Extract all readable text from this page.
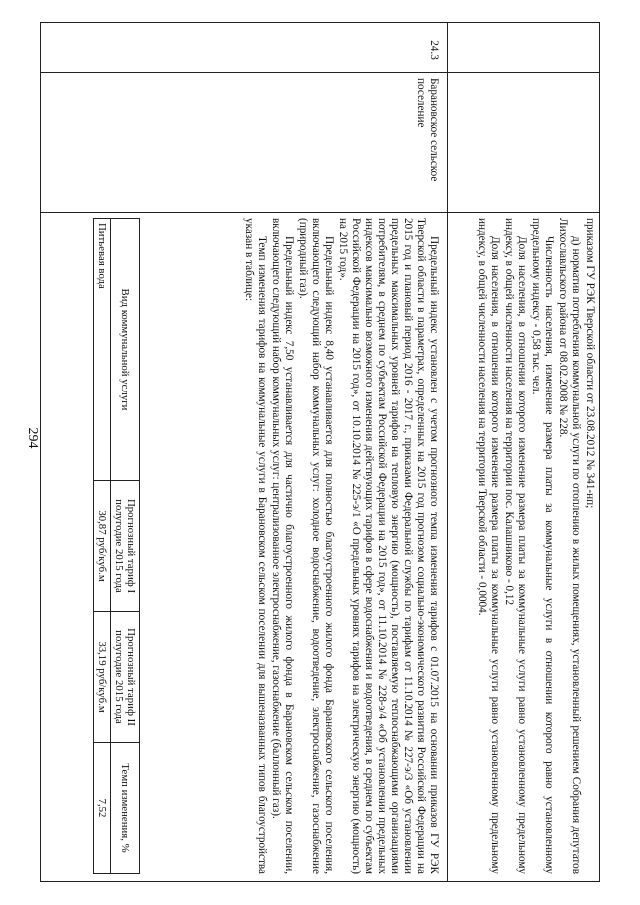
294	приказом ГУ РЭК Тверской области от 23.08.2012 № 341-нп;

д) норматив потребления коммунальной услуги по отоплению в жилых помещениях, установленный решением Собрания депутатов Лихославльского района от 08.02.2008 № 228.

Численность населения, изменение размера платы за коммунальные услуги в отношении которого равно установленному предельному индексу - 0,58 тыс. чел.

Доля населения, в отношении которого изменение размера платы за коммунальные услуги равно установленному предельному индексу, в общей численности населения на территории пос. Калашниково - 0,12

Доля населения, в отношении которого изменение размера платы за коммунальные услуги равно установленному предельному индексу, в общей численности населения на территории Тверской области - 0,0004.

24.3
Барановское сельское поселение

Предельный индекс установлен с учетом прогнозного темпа изменения тарифов с 01.07.2015 на основании приказов ГУ РЭК Тверской области в параметрах, определенных на 2015 год прогнозом социально-экономического развития Российской Федерации на 2015 год и плановый период 2016 - 2017 г., приказами Федеральной службы по тарифам от 11.10.2014 № 227-э/3 «Об установлении предельных максимальных уровней тарифов на тепловую энергию (мощность), поставляемую теплоснабжающими организациями потребителям, в среднем по субъектам Российской Федерации на 2015 год», от 11.10.2014 № 228-э/4 «Об установлении предельных индексов максимально возможного изменения действующих тарифов в сфере водоснабжения и водоотведения, в среднем по субъектам Российской Федерации на 2015 год», от 10.10.2014 № 225-э/1 «О предельных уровнях тарифов на электрическую энергию (мощность) на 2015 год».

Предельный индекс 8,40 устанавливается для полностью благоустроенного жилого фонда Барановского сельского поселения, включающего следующий набор коммунальных услуг: холодное водоснабжение, водоотведение, электроснабжение, газоснабжение (природный газ).

Предельный индекс 7,50 устанавливается для частично благоустроенного жилого фонда в Барановском сельском поселении, включающего следующий набор коммунальных услуг: централизованное электроснабжение, газоснабжение (баллонный газ).

Темп изменения тарифов на коммунальные услуги в Барановском сельском поселении для вышеназванных типов благоустройства указан в таблице:

Вид коммунальной услуги	Прогнозный тариф I полугодие 2015 года	Прогнозный тариф II полугодие 2015 года	Темп изменения, %
Питьевая вода	30,87 руб/куб.м	33,19 руб/куб.м	7,52
